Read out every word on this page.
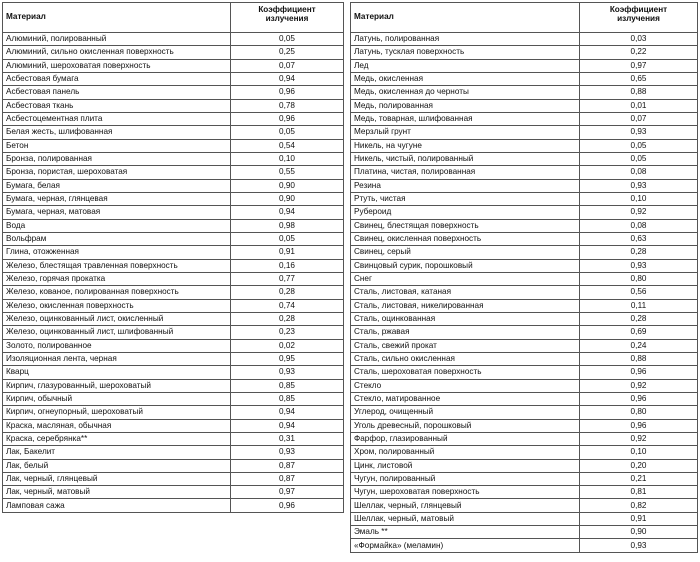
Материал	Коэффициент
излучения
Алюминий, полированный	0,05
Алюминий, сильно окисленная поверхность	0,25
Алюминий, шероховатая поверхность	0,07
Асбестовая бумага	0,94
Асбестовая панель	0,96
Асбестовая ткань	0,78
Асбестоцементная плита	0,96
Белая жесть, шлифованная	0,05
Бетон	0,54
Бронза, полированная	0,10
Бронза, пористая, шероховатая	0,55
Бумага, белая	0,90
Бумага, черная, глянцевая	0,90
Бумага, черная, матовая	0,94
Вода	0,98
Вольфрам	0,05
Глина, отожженная	0,91
Железо, блестящая травленная поверхность	0,16
Железо, горячая прокатка	0,77
Железо, кованое, полированная поверхность	0,28
Железо, окисленная поверхность	0,74
Железо, оцинкованный лист, окисленный	0,28
Железо, оцинкованный лист, шлифованный	0,23
Золото, полированное	0,02
Изоляционная лента, черная	0,95
Кварц	0,93
Кирпич, глазурованный, шероховатый	0,85
Кирпич, обычный	0,85
Кирпич, огнеупорный, шероховатый	0,94
Краска, масляная, обычная	0,94
Краска, серебрянка**	0,31
Лак, Бакелит	0,93
Лак, белый	0,87
Лак, черный, глянцевый	0,87
Лак, черный, матовый	0,97
Ламповая сажа	0,96
Материал	Коэффициент
излучения
Латунь, полированная	0,03
Латунь, тусклая поверхность	0,22
Лед	0,97
Медь, окисленная	0,65
Медь, окисленная до черноты	0,88
Медь, полированная	0,01
Медь, товарная, шлифованная	0,07
Мерзлый грунт	0,93
Никель, на чугуне	0,05
Никель, чистый, полированный	0,05
Платина, чистая, полированная	0,08
Резина	0,93
Ртуть, чистая	0,10
Рубероид	0,92
Свинец, блестящая поверхность	0,08
Свинец, окисленная поверхность	0,63
Свинец, серый	0,28
Свинцовый сурик, порошковый	0,93
Снег	0,80
Сталь, листовая, катаная	0,56
Сталь, листовая, никелированная	0,11
Сталь, оцинкованная	0,28
Сталь, ржавая	0,69
Сталь, свежий прокат	0,24
Сталь, сильно окисленная	0,88
Сталь, шероховатая поверхность	0,96
Стекло	0,92
Стекло, матированное	0,96
Углерод, очищенный	0,80
Уголь древесный, порошковый	0,96
Фарфор, глазированный	0,92
Хром, полированный	0,10
Цинк, листовой	0,20
Чугун, полированный	0,21
Чугун, шероховатая поверхность	0,81
Шеллак, черный, глянцевый	0,82
Шеллак, черный, матовый	0,91
Эмаль **	0,90
«Формайка» (меламин)	0,93
